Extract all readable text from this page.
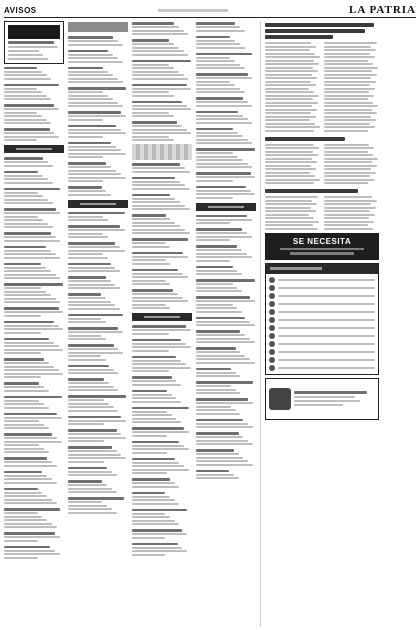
AVISOS	LA PATRIA
SE NECESITA
